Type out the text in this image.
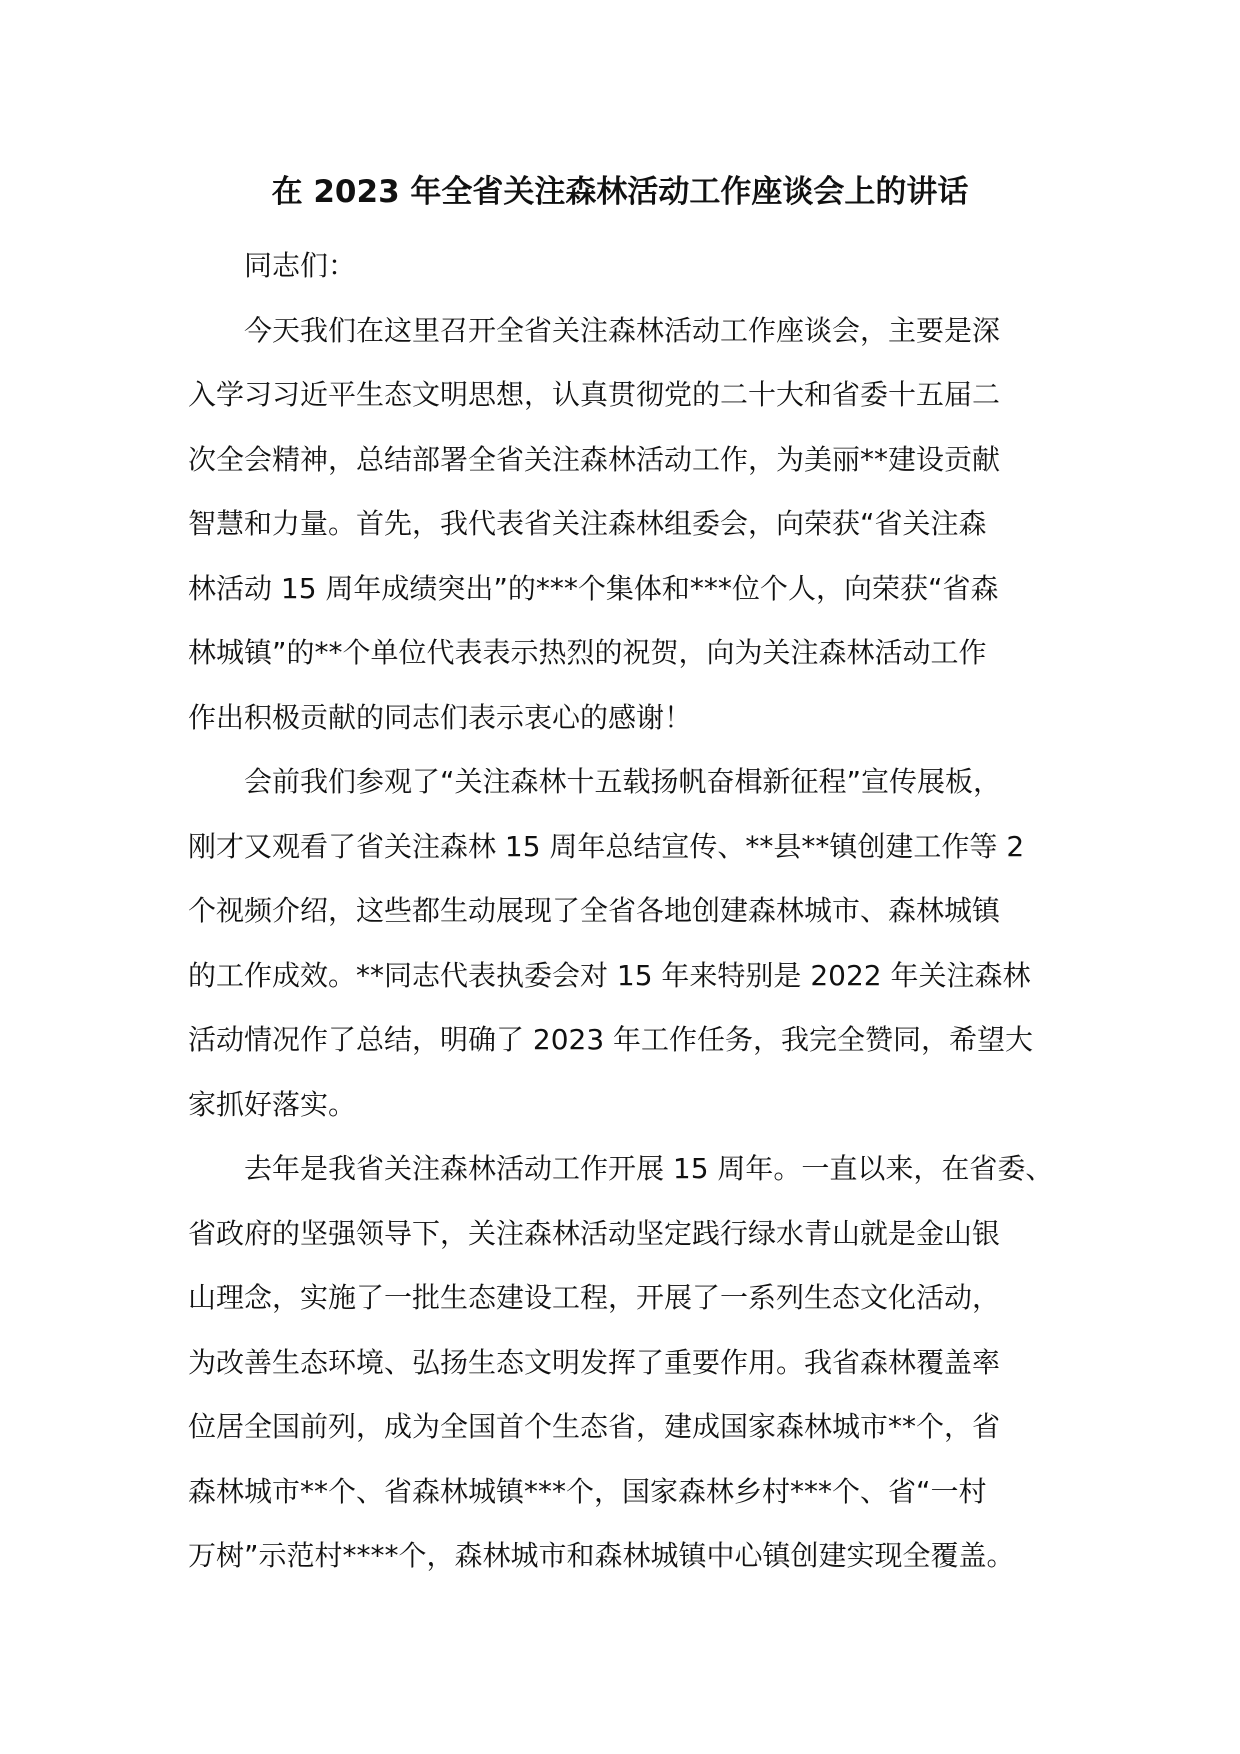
在 2023 年全省关注森林活动工作座谈会上的讲话

同志们：

今天我们在这里召开全省关注森林活动工作座谈会，主要是深
入学习习近平生态文明思想，认真贯彻党的二十大和省委十五届二
次全会精神，总结部署全省关注森林活动工作，为美丽**建设贡献
智慧和力量。首先，我代表省关注森林组委会，向荣获“省关注森
林活动 15 周年成绩突出”的***个集体和***位个人，向荣获“省森
林城镇”的**个单位代表表示热烈的祝贺，向为关注森林活动工作
作出积极贡献的同志们表示衷心的感谢！

会前我们参观了“关注森林十五载扬帆奋楫新征程”宣传展板，
刚才又观看了省关注森林 15 周年总结宣传、**县**镇创建工作等 2
个视频介绍，这些都生动展现了全省各地创建森林城市、森林城镇
的工作成效。**同志代表执委会对 15 年来特别是 2022 年关注森林
活动情况作了总结，明确了 2023 年工作任务，我完全赞同，希望大
家抓好落实。

去年是我省关注森林活动工作开展 15 周年。一直以来，在省委、
省政府的坚强领导下，关注森林活动坚定践行绿水青山就是金山银
山理念，实施了一批生态建设工程，开展了一系列生态文化活动，
为改善生态环境、弘扬生态文明发挥了重要作用。我省森林覆盖率
位居全国前列，成为全国首个生态省，建成国家森林城市**个，省
森林城市**个、省森林城镇***个，国家森林乡村***个、省“一村
万树”示范村****个，森林城市和森林城镇中心镇创建实现全覆盖。
